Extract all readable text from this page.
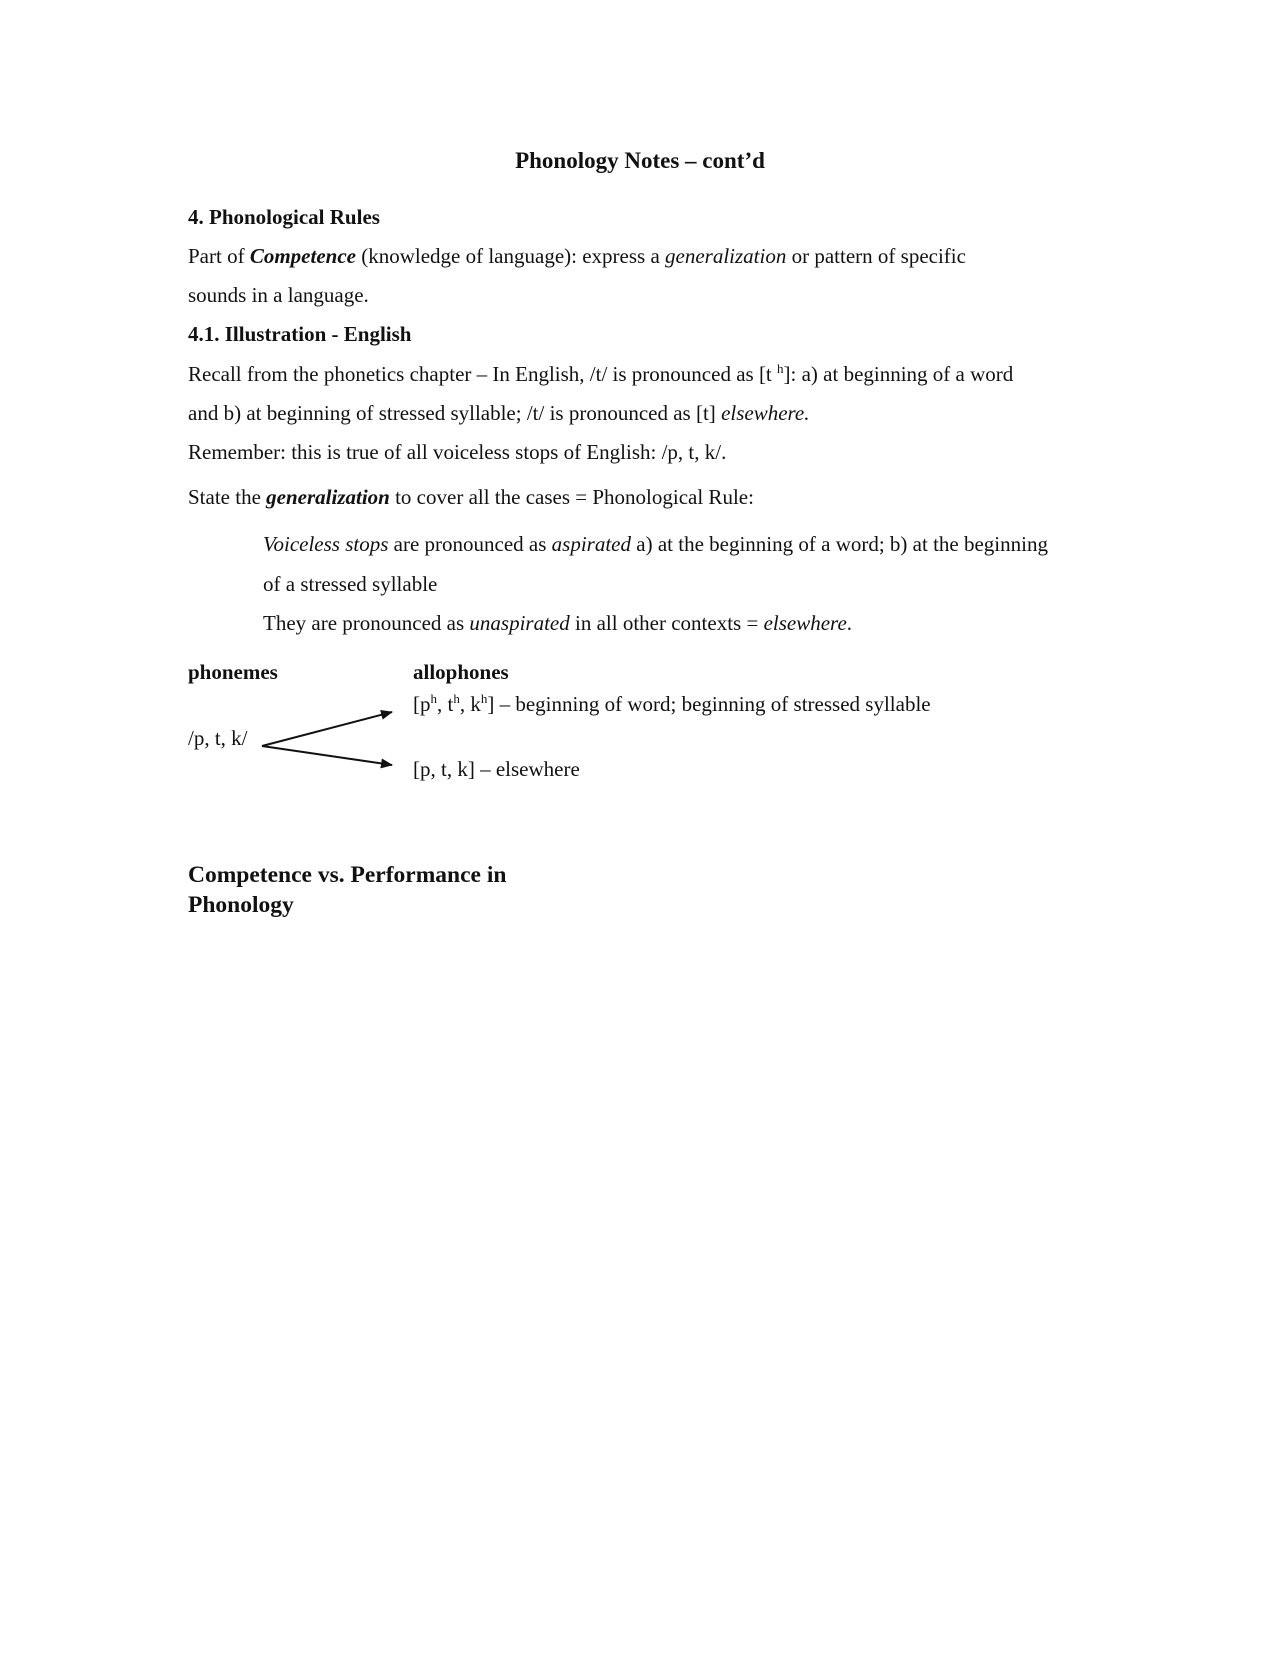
Phonology Notes – cont’d
4. Phonological Rules
Part of Competence (knowledge of language): express a generalization or pattern of specific
sounds in a language.
4.1. Illustration - English
Recall from the phonetics chapter – In English, /t/ is pronounced as [t $^h$]: a) at beginning of a word
and b) at beginning of stressed syllable; /t/ is pronounced as [t] elsewhere.
Remember: this is true of all voiceless stops of English: /p, t, k/.
State the generalization to cover all the cases = Phonological Rule:
Voiceless stops are pronounced as aspirated a) at the beginning of a word; b) at the beginning
of a stressed syllable
They are pronounced as unaspirated in all other contexts = elsewhere.
phonemes	allophones
[$p^h$, $t^h$, $k^h$] – beginning of word; beginning of stressed syllable
/p, t, k/
[p, t, k] – elsewhere
Competence vs. Performance in Phonology
